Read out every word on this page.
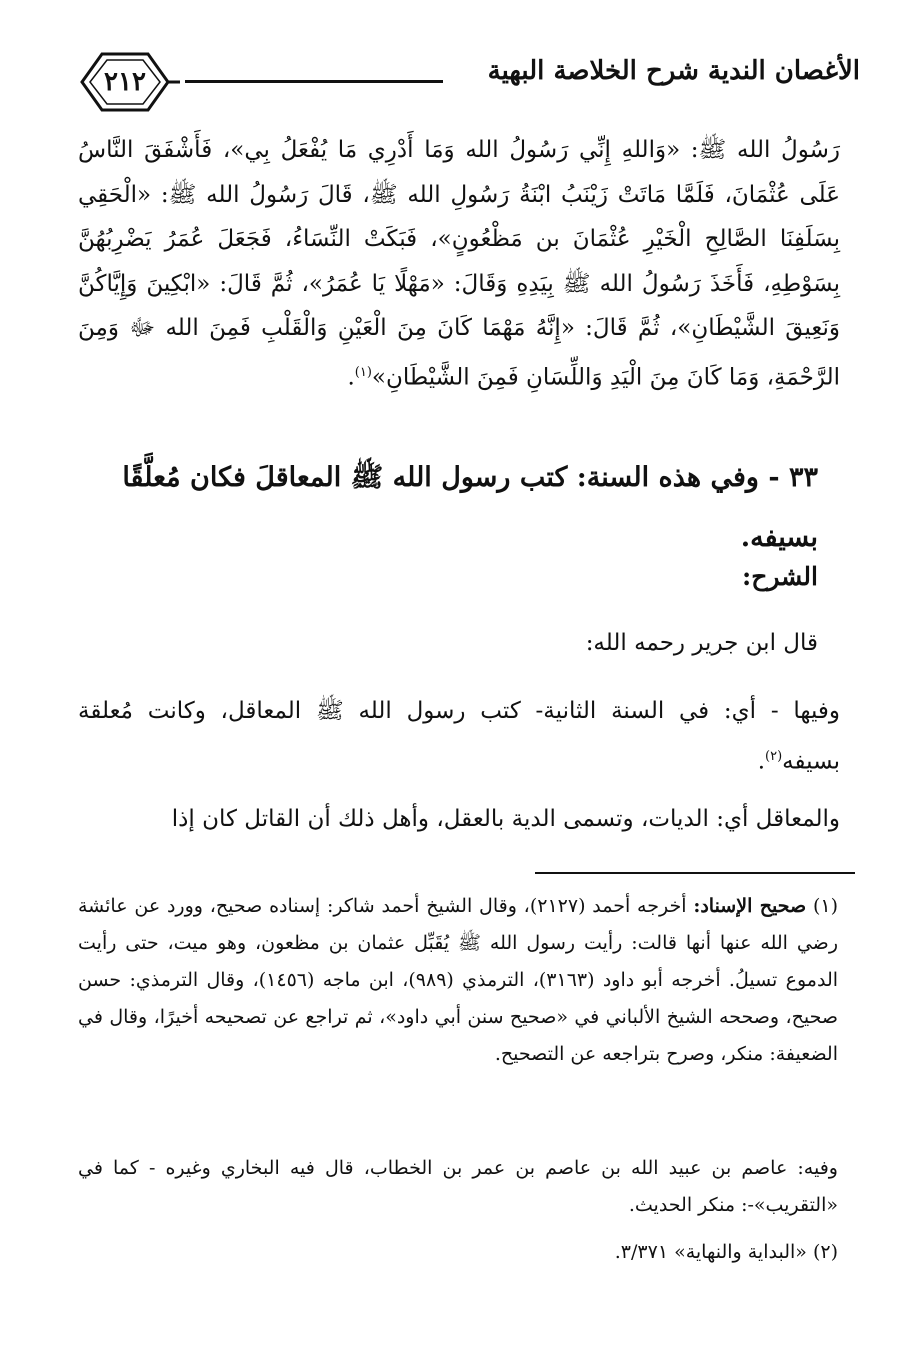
٢١٢	الأغصان الندية شرح الخلاصة البهية

رَسُولُ الله ﷺ: «وَاللهِ إِنِّي رَسُولُ الله وَمَا أَدْرِي مَا يُفْعَلُ بِي»، فَأَشْفَقَ النَّاسُ عَلَى عُثْمَانَ، فَلَمَّا مَاتَتْ زَيْنَبُ ابْنَةُ رَسُولِ الله ﷺ، قَالَ رَسُولُ الله ﷺ: «الْحَقِي بِسَلَفِنَا الصَّالِحِ الْخَيْرِ عُثْمَانَ بن مَظْعُونٍ»، فَبَكَتْ النِّسَاءُ، فَجَعَلَ عُمَرُ يَضْرِبُهُنَّ بِسَوْطِهِ، فَأَخَذَ رَسُولُ الله ﷺ بِيَدِهِ وَقَالَ: «مَهْلًا يَا عُمَرُ»، ثُمَّ قَالَ: «ابْكِينَ وَإِيَّاكُنَّ وَنَعِيقَ الشَّيْطَانِ»، ثُمَّ قَالَ: «إِنَّهُ مَهْمَا كَانَ مِنَ الْعَيْنِ وَالْقَلْبِ فَمِنَ الله ﷻ وَمِنَ الرَّحْمَةِ، وَمَا كَانَ مِنَ الْيَدِ وَاللِّسَانِ فَمِنَ الشَّيْطَانِ»$^{(١)}$.

٣٣ - وفي هذه السنة: كتب رسول الله ﷺ المعاقلَ فكان مُعلَّقًا بسيفه.
الشرح:
قال ابن جرير رحمه الله:
وفيها - أي: في السنة الثانية- كتب رسول الله ﷺ المعاقل، وكانت مُعلقة بسيفه$^{(٢)}$.
والمعاقل أي: الديات، وتسمى الدية بالعقل، وأهل ذلك أن القاتل كان إذا
(١) صحيح الإسناد: أخرجه أحمد (٢١٢٧)، وقال الشيخ أحمد شاكر: إسناده صحيح، وورد عن عائشة رضي الله عنها أنها قالت: رأيت رسول الله ﷺ يُقَبِّل عثمان بن مظعون، وهو ميت، حتى رأيت الدموع تسيلُ. أخرجه أبو داود (٣١٦٣)، الترمذي (٩٨٩)، ابن ماجه (١٤٥٦)، وقال الترمذي: حسن صحيح، وصححه الشيخ الألباني في «صحيح سنن أبي داود»، ثم تراجع عن تصحيحه أخيرًا، وقال في الضعيفة: منكر، وصرح بتراجعه عن التصحيح.
وفيه: عاصم بن عبيد الله بن عاصم بن عمر بن الخطاب، قال فيه البخاري وغيره - كما في «التقريب»-: منكر الحديث.
(٢) «البداية والنهاية» ٣/٣٧١.
